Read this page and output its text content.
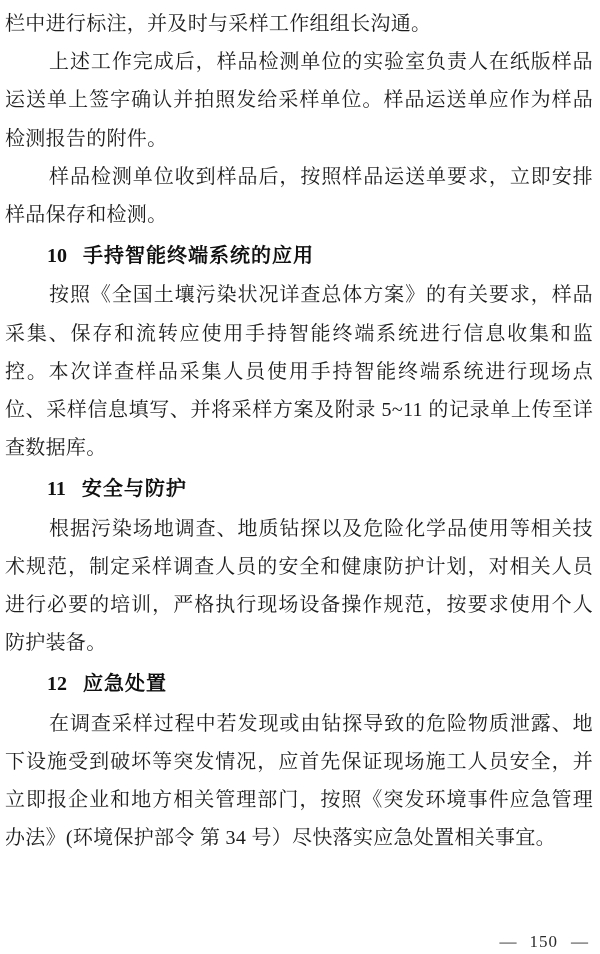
栏中进行标注，并及时与采样工作组组长沟通。

上述工作完成后，样品检测单位的实验室负责人在纸版样品运送单上签字确认并拍照发给采样单位。样品运送单应作为样品检测报告的附件。

样品检测单位收到样品后，按照样品运送单要求，立即安排样品保存和检测。

10 手持智能终端系统的应用

按照《全国土壤污染状况详查总体方案》的有关要求，样品采集、保存和流转应使用手持智能终端系统进行信息收集和监控。本次详查样品采集人员使用手持智能终端系统进行现场点位、采样信息填写、并将采样方案及附录 5~11 的记录单上传至详查数据库。

11 安全与防护

根据污染场地调查、地质钻探以及危险化学品使用等相关技术规范，制定采样调查人员的安全和健康防护计划，对相关人员进行必要的培训，严格执行现场设备操作规范，按要求使用个人防护装备。

12 应急处置

在调查采样过程中若发现或由钻探导致的危险物质泄露、地下设施受到破坏等突发情况，应首先保证现场施工人员安全，并立即报企业和地方相关管理部门，按照《突发环境事件应急管理办法》(环境保护部令 第 34 号）尽快落实应急处置相关事宜。

— 150 —
